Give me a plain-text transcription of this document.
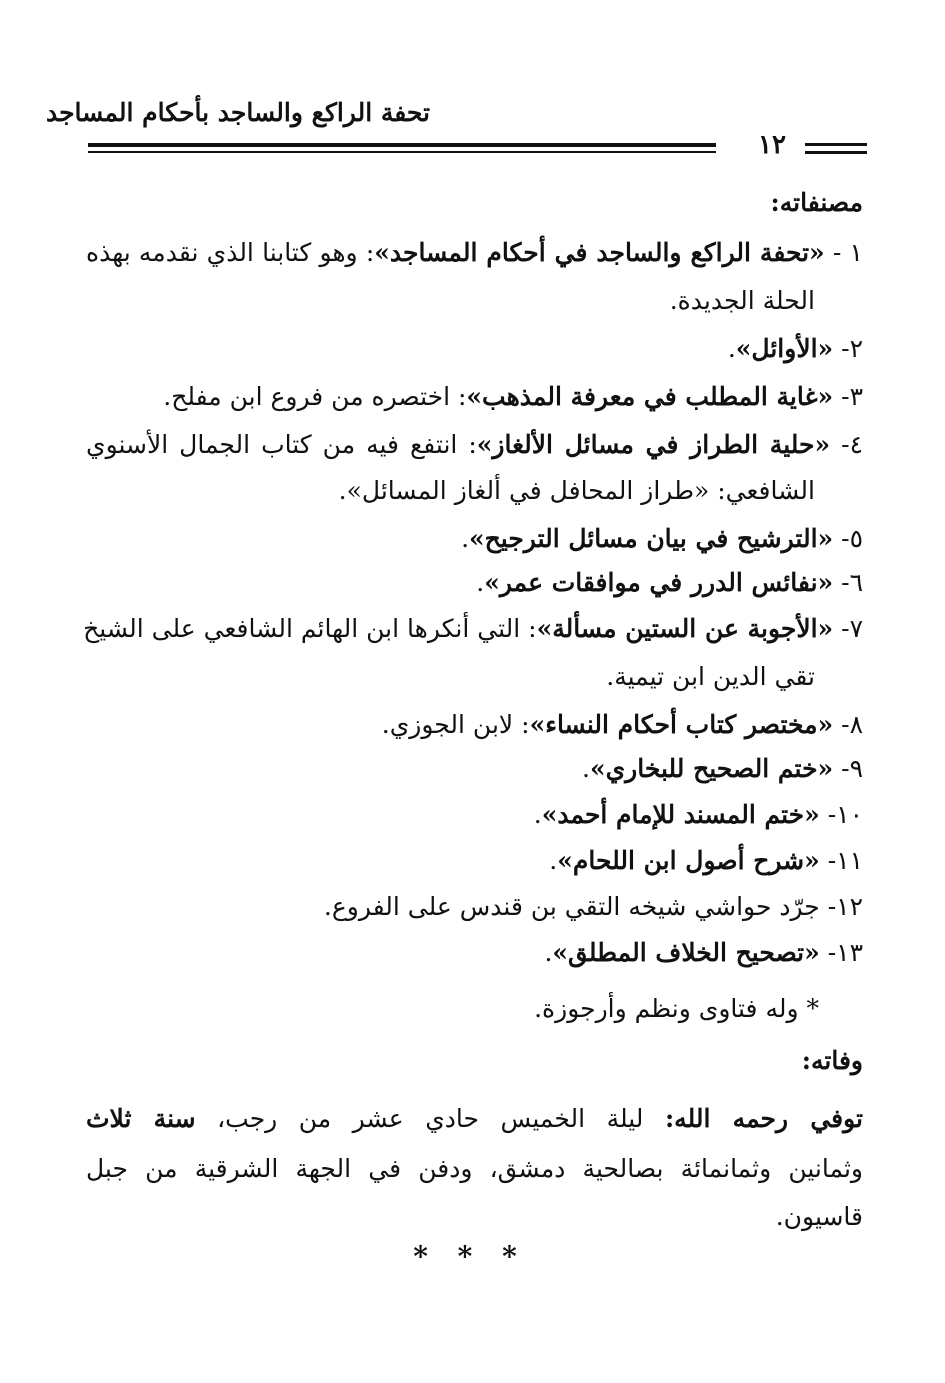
تحفة الراكع والساجد بأحكام المساجد
١٢
مصنفاته:
١ - «تحفة الراكع والساجد في أحكام المساجد»: وهو كتابنا الذي نقدمه بهذه
الحلة الجديدة.
٢- «الأوائل».
٣- «غاية المطلب في معرفة المذهب»: اختصره من فروع ابن مفلح.
٤- «حلية الطراز في مسائل الألغاز»: انتفع فيه من كتاب الجمال الأسنوي
الشافعي: «طراز المحافل في ألغاز المسائل».
٥- «الترشيح في بيان مسائل الترجيح».
٦- «نفائس الدرر في موافقات عمر».
٧- «الأجوبة عن الستين مسألة»: التي أنكرها ابن الهائم الشافعي على الشيخ
تقي الدين ابن تيمية.
٨- «مختصر كتاب أحكام النساء»: لابن الجوزي.
٩- «ختم الصحيح للبخاري».
١٠- «ختم المسند للإمام أحمد».
١١- «شرح أصول ابن اللحام».
١٢- جرّد حواشي شيخه التقي بن قندس على الفروع.
١٣- «تصحيح الخلاف المطلق».
* وله فتاوى ونظم وأرجوزة.
وفاته:
توفي رحمه الله: ليلة الخميس حادي عشر من رجب، سنة ثلاث
وثمانين وثمانمائة بصالحية دمشق، ودفن في الجهة الشرقية من جبل
قاسيون.
* * *
